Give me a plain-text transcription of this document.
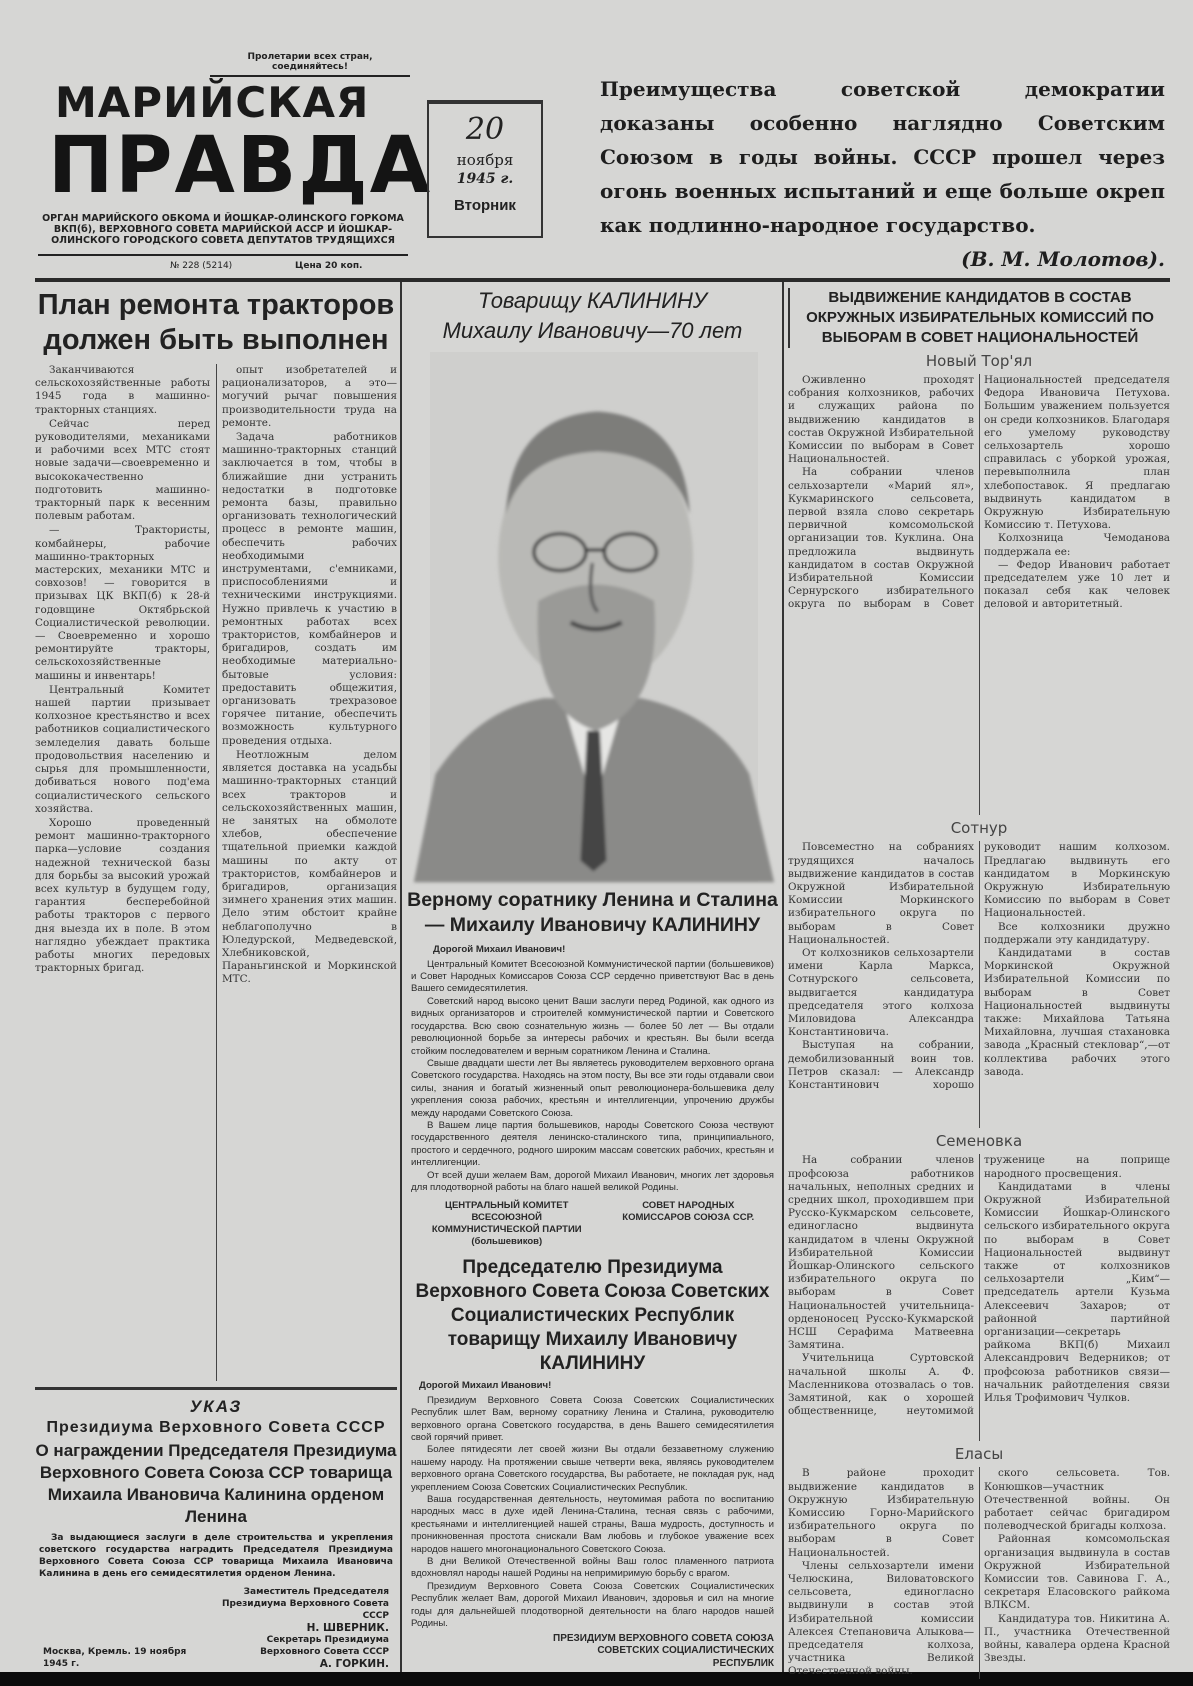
Пролетарии всех стран, соединяйтесь!
МАРИЙСКАЯ
ПРАВДА
ОРГАН МАРИЙСКОГО ОБКОМА И ЙОШКАР-ОЛИНСКОГО ГОРКОМА ВКП(б), ВЕРХОВНОГО СОВЕТА МАРИЙСКОЙ АССР И ЙОШКАР-ОЛИНСКОГО ГОРОДСКОГО СОВЕТА ДЕПУТАТОВ ТРУДЯЩИХСЯ
№ 228 (5214)	Цена 20 коп.
20
ноября
1945 г.
Вторник
Преимущества советской демократии доказаны особенно наглядно Советским Союзом в годы войны. СССР прошел через огонь военных испытаний и еще больше окреп как подлинно-народное государство.
(В. М. Молотов).
План ремонта тракторов должен быть выполнен

Заканчиваются сельскохозяйственные работы 1945 года в машинно-тракторных станциях.

Сейчас перед руководителями, механиками и рабочими всех МТС стоят новые задачи—своевременно и высококачественно подготовить машинно-тракторный парк к весенним полевым работам.

— Трактористы, комбайнеры, рабочие машинно-тракторных мастерских, механики МТС и совхозов! — говорится в призывах ЦК ВКП(б) к 28-й годовщине Октябрьской Социалистической революции.— Своевременно и хорошо ремонтируйте тракторы, сельскохозяйственные машины и инвентарь!

Центральный Комитет нашей партии призывает колхозное крестьянство и всех работников социалистического земледелия давать больше продовольствия населению и сырья для промышленности, добиваться нового под'ема социалистического сельского хозяйства.

Хорошо проведенный ремонт машинно-тракторного парка—условие создания надежной технической базы для борьбы за высокий урожай всех культур в будущем году, гарантия бесперебойной работы тракторов с первого дня выезда их в поле. В этом наглядно убеждает практика работы многих передовых тракторных бригад.

опыт изобретателей и рационализаторов, а это—могучий рычаг повышения производительности труда на ремонте.

Задача работников машинно-тракторных станций заключается в том, чтобы в ближайшие дни устранить недостатки в подготовке ремонта базы, правильно организовать технологический процесс в ремонте машин, обеспечить рабочих необходимыми инструментами, с'емниками, приспособлениями и техническими инструкциями. Нужно привлечь к участию в ремонтных работах всех трактористов, комбайнеров и бригадиров, создать им необходимые материально-бытовые условия: предоставить общежития, организовать трехразовое горячее питание, обеспечить возможность культурного проведения отдыха.

Неотложным делом является доставка на усадьбы машинно-тракторных станций всех тракторов и сельскохозяйственных машин, не занятых на обмолоте хлебов, обеспечение тщательной приемки каждой машины по акту от трактористов, комбайнеров и бригадиров, организация зимнего хранения этих машин. Дело этим обстоит крайне неблагополучно в Юледурской, Медведевской, Хлебниковской, Параньгинской и Моркинской МТС.

УКАЗ
Президиума Верховного Совета СССР
О награждении Председателя Президиума Верховного Совета Союза ССР товарища Михаила Ивановича Калинина орденом Ленина
За выдающиеся заслуги в деле строительства и укрепления советского государства наградить Председателя Президиума Верховного Совета Союза ССР товарища Михаила Ивановича Калинина в день его семидесятилетия орденом Ленина.
Москва, Кремль. 19 ноября 1945 г.
Заместитель Председателя
Президиума Верховного Совета СССР
Н. ШВЕРНИК.
Секретарь Президиума
Верховного Совета СССР
А. ГОРКИН.
Товарищу КАЛИНИНУ
Михаилу Ивановичу—70 лет
Верному соратнику Ленина и Сталина — Михаилу Ивановичу КАЛИНИНУ
Дорогой Михаил Иванович!

Центральный Комитет Всесоюзной Коммунистической партии (большевиков) и Совет Народных Комиссаров Союза ССР сердечно приветствуют Вас в день Вашего семидесятилетия.

Советский народ высоко ценит Ваши заслуги перед Родиной, как одного из видных организаторов и строителей коммунистической партии и Советского государства. Всю свою сознательную жизнь — более 50 лет — Вы отдали революционной борьбе за интересы рабочих и крестьян. Вы были всегда стойким последователем и верным соратником Ленина и Сталина.

Свыше двадцати шести лет Вы являетесь руководителем верховного органа Советского государства. Находясь на этом посту, Вы все эти годы отдавали свои силы, знания и богатый жизненный опыт революционера-большевика делу укрепления союза рабочих, крестьян и интеллигенции, упрочению дружбы между народами Советского Союза.

В Вашем лице партия большевиков, народы Советского Союза чествуют государственного деятеля ленинско-сталинского типа, принципиального, простого и сердечного, родного широким массам советских рабочих, крестьян и интеллигенции.

От всей души желаем Вам, дорогой Михаил Иванович, многих лет здоровья для плодотворной работы на благо нашей великой Родины.

ЦЕНТРАЛЬНЫЙ КОМИТЕТ ВСЕСОЮЗНОЙ КОММУНИСТИЧЕСКОЙ ПАРТИИ (большевиков)
СОВЕТ НАРОДНЫХ КОМИССАРОВ СОЮЗА ССР.
Председателю Президиума Верховного Совета Союза Советских Социалистических Республик товарищу Михаилу Ивановичу КАЛИНИНУ
Дорогой Михаил Иванович!

Президиум Верховного Совета Союза Советских Социалистических Республик шлет Вам, верному соратнику Ленина и Сталина, руководителю верховного органа Советского государства, в день Вашего семидесятилетия свой горячий привет.

Более пятидесяти лет своей жизни Вы отдали беззаветному служению нашему народу. На протяжении свыше четверти века, являясь руководителем верховного органа Советского государства, Вы работаете, не покладая рук, над укреплением Союза Советских Социалистических Республик.

Ваша государственная деятельность, неутомимая работа по воспитанию народных масс в духе идей Ленина-Сталина, тесная связь с рабочими, крестьянами и интеллигенцией нашей страны, Ваша мудрость, доступность и проникновенная простота снискали Вам любовь и глубокое уважение всех народов нашего многонационального Советского Союза.

В дни Великой Отечественной войны Ваш голос пламенного патриота вдохновлял народы нашей Родины на непримиримую борьбу с врагом.

Президиум Верховного Совета Союза Советских Социалистических Республик желает Вам, дорогой Михаил Иванович, здоровья и сил на многие годы для дальнейшей плодотворной деятельности на благо народов нашей Родины.

ПРЕЗИДИУМ ВЕРХОВНОГО СОВЕТА СОЮЗА СОВЕТСКИХ СОЦИАЛИСТИЧЕСКИХ РЕСПУБЛИК
ВЫДВИЖЕНИЕ КАНДИДАТОВ В СОСТАВ ОКРУЖНЫХ ИЗБИРАТЕЛЬНЫХ КОМИССИЙ ПО ВЫБОРАМ В СОВЕТ НАЦИОНАЛЬНОСТЕЙ
Новый Тор'ял

Оживленно проходят собрания колхозников, рабочих и служащих района по выдвижению кандидатов в состав Окружной Избирательной Комиссии по выборам в Совет Национальностей.

На собрании членов сельхозартели «Марий ял», Кукмаринского сельсовета, первой взяла слово секретарь первичной комсомольской организации тов. Куклина. Она предложила выдвинуть кандидатом в состав Окружной Избирательной Комиссии Сернурского избирательного округа по выборам в Совет Национальностей председателя Федора Ивановича Петухова. Большим уважением пользуется он среди колхозников. Благодаря его умелому руководству сельхозартель хорошо справилась с уборкой урожая, перевыполнила план хлебопоставок. Я предлагаю выдвинуть кандидатом в Окружную Избирательную Комиссию т. Петухова.

Колхозница Чемоданова поддержала ее:

— Федор Иванович работает председателем уже 10 лет и показал себя как человек деловой и авторитетный.

Сотнур

Повсеместно на собраниях трудящихся началось выдвижение кандидатов в состав Окружной Избирательной Комиссии Моркинского избирательного округа по выборам в Совет Национальностей.

От колхозников сельхозартели имени Карла Маркса, Сотнурского сельсовета, выдвигается кандидатура председателя этого колхоза Миловидова Александра Константиновича.

Выступая на собрании, демобилизованный воин тов. Петров сказал: — Александр Константинович хорошо руководит нашим колхозом. Предлагаю выдвинуть его кандидатом в Моркинскую Окружную Избирательную Комиссию по выборам в Совет Национальностей.

Все колхозники дружно поддержали эту кандидатуру.

Кандидатами в состав Моркинской Окружной Избирательной Комиссии по выборам в Совет Национальностей выдвинуты также: Михайлова Татьяна Михайловна, лучшая стахановка завода „Красный стекловар“,—от коллектива рабочих этого завода.

Семеновка

На собрании членов профсоюза работников начальных, неполных средних и средних школ, проходившем при Русско-Кукмарском сельсовете, единогласно выдвинута кандидатом в члены Окружной Избирательной Комиссии Йошкар-Олинского сельского избирательного округа по выборам в Совет Национальностей учительница-орденоносец Русско-Кукмарской НСШ Серафима Матвеевна Замятина.

Учительница Суртовской начальной школы А. Ф. Масленникова отозвалась о тов. Замятиной, как о хорошей общественнице, неутомимой труженице на поприще народного просвещения.

Кандидатами в члены Окружной Избирательной Комиссии Йошкар-Олинского сельского избирательного округа по выборам в Совет Национальностей выдвинут также от колхозников сельхозартели „Ким“—председатель артели Кузьма Алексеевич Захаров; от районной партийной организации—секретарь райкома ВКП(б) Михаил Александрович Ведерников; от профсоюза работников связи—начальник райотделения связи Илья Трофимович Чулков.

Еласы

В районе проходит выдвижение кандидатов в Окружную Избирательную Комиссию Горно-Марийского избирательного округа по выборам в Совет Национальностей.

Члены сельхозартели имени Челюскина, Виловатовского сельсовета, единогласно выдвинули в состав этой Избирательной комиссии Алексея Степановича Алыкова—председателя колхоза, участника Великой Отечественной войны.

ского сельсовета. Тов. Конюшков—участник Отечественной войны. Он работает сейчас бригадиром полеводческой бригады колхоза.

Районная комсомольская организация выдвинула в состав Окружной Избирательной Комиссии тов. Савинова Г. А., секретаря Еласовского райкома ВЛКСМ.

Кандидатура тов. Никитина А. П., участника Отечественной войны, кавалера ордена Красной Звезды.
